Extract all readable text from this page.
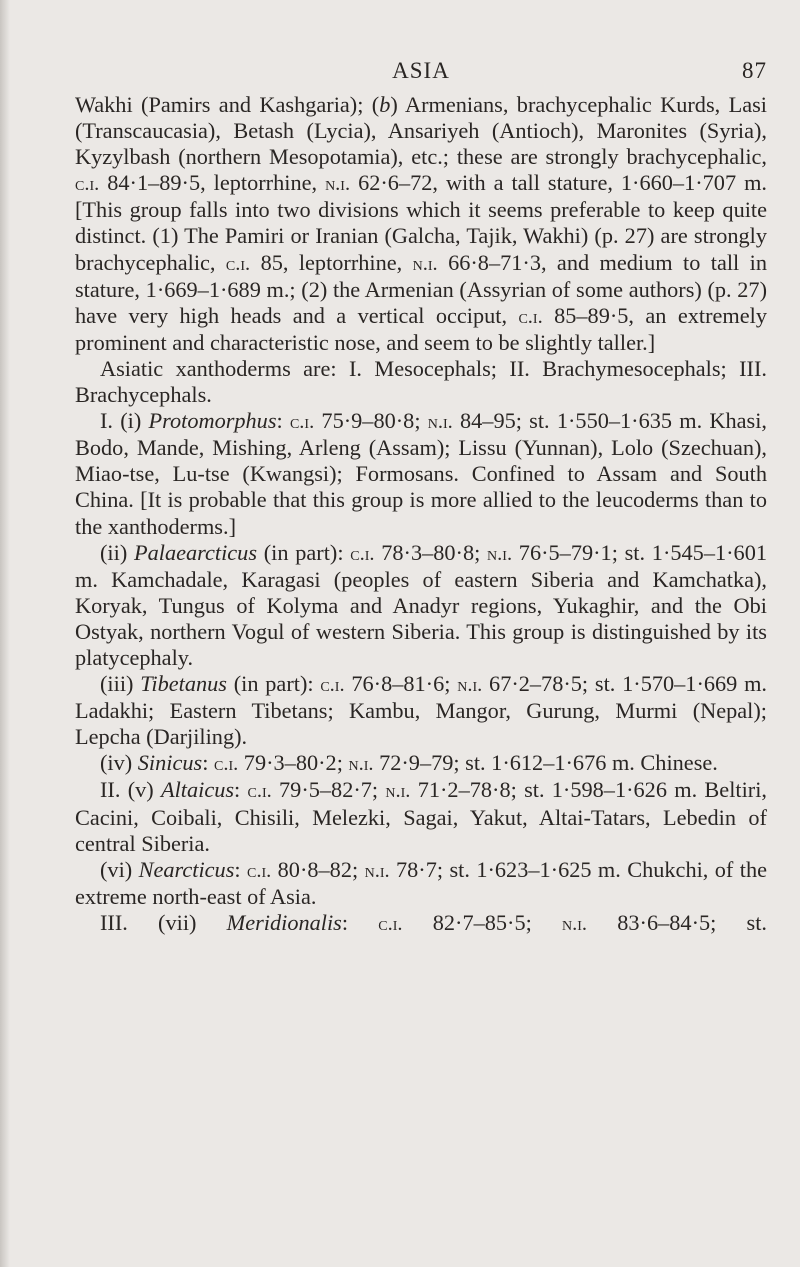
ASIA	87

Wakhi (Pamirs and Kashgaria); (b) Armenians, brachycephalic Kurds, Lasi (Transcaucasia), Betash (Lycia), Ansariyeh (Antioch), Maronites (Syria), Kyzylbash (northern Mesopotamia), etc.; these are strongly brachycephalic, c.i. 84·1–89·5, leptorrhine, n.i. 62·6–72, with a tall stature, 1·660–1·707 m. [This group falls into two divisions which it seems preferable to keep quite distinct. (1) The Pamiri or Iranian (Galcha, Tajik, Wakhi) (p. 27) are strongly brachycephalic, c.i. 85, leptorrhine, n.i. 66·8–71·3, and medium to tall in stature, 1·669–1·689 m.; (2) the Armenian (Assyrian of some authors) (p. 27) have very high heads and a vertical occiput, c.i. 85–89·5, an extremely prominent and characteristic nose, and seem to be slightly taller.]

Asiatic xanthoderms are: I. Mesocephals; II. Brachymesocephals; III. Brachycephals.

I. (i) Protomorphus: c.i. 75·9–80·8; n.i. 84–95; st. 1·550–1·635 m. Khasi, Bodo, Mande, Mishing, Arleng (Assam); Lissu (Yunnan), Lolo (Szechuan), Miao-tse, Lu-tse (Kwangsi); Formosans. Confined to Assam and South China. [It is probable that this group is more allied to the leucoderms than to the xanthoderms.]

(ii) Palaearcticus (in part): c.i. 78·3–80·8; n.i. 76·5–79·1; st. 1·545–1·601 m. Kamchadale, Karagasi (peoples of eastern Siberia and Kamchatka), Koryak, Tungus of Kolyma and Anadyr regions, Yukaghir, and the Obi Ostyak, northern Vogul of western Siberia. This group is distinguished by its platycephaly.

(iii) Tibetanus (in part): c.i. 76·8–81·6; n.i. 67·2–78·5; st. 1·570–1·669 m. Ladakhi; Eastern Tibetans; Kambu, Mangor, Gurung, Murmi (Nepal); Lepcha (Darjiling).

(iv) Sinicus: c.i. 79·3–80·2; n.i. 72·9–79; st. 1·612–1·676 m. Chinese.

II. (v) Altaicus: c.i. 79·5–82·7; n.i. 71·2–78·8; st. 1·598–1·626 m. Beltiri, Cacini, Coibali, Chisili, Melezki, Sagai, Yakut, Altai-Tatars, Lebedin of central Siberia.

(vi) Nearcticus: c.i. 80·8–82; n.i. 78·7; st. 1·623–1·625 m. Chukchi, of the extreme north-east of Asia.

III. (vii) Meridionalis: c.i. 82·7–85·5; n.i. 83·6–84·5; st.
